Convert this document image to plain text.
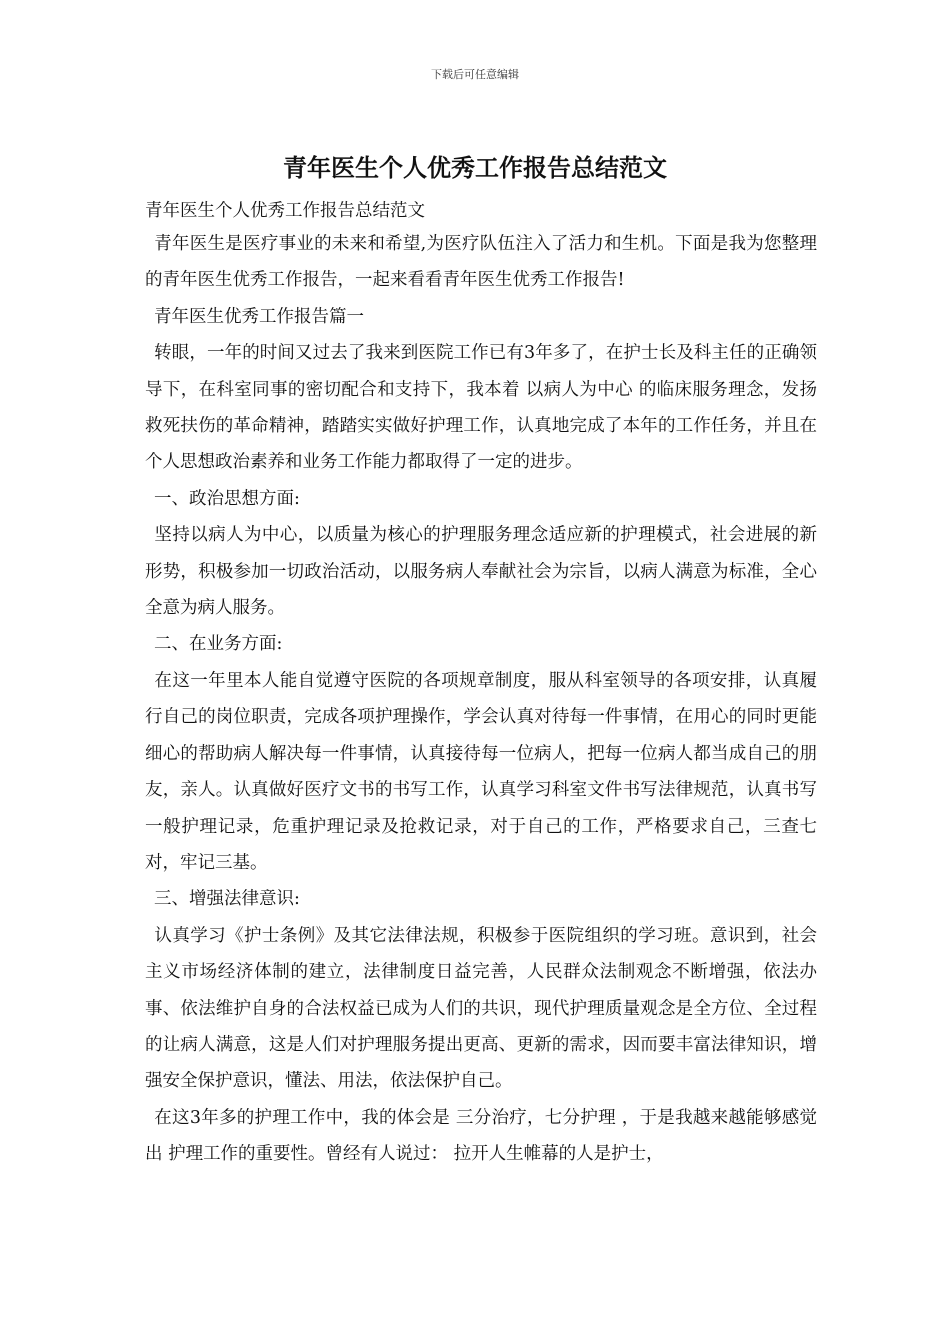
下载后可任意编辑
青年医生个人优秀工作报告总结范文

青年医生个人优秀工作报告总结范文

青年医生是医疗事业的未来和希望,为医疗队伍注入了活力和生机。下面是我为您整理的青年医生优秀工作报告，一起来看看青年医生优秀工作报告!

青年医生优秀工作报告篇一

转眼，一年的时间又过去了我来到医院工作已有3年多了，在护士长及科主任的正确领导下，在科室同事的密切配合和支持下，我本着 以病人为中心 的临床服务理念，发扬救死扶伤的革命精神，踏踏实实做好护理工作，认真地完成了本年的工作任务，并且在个人思想政治素养和业务工作能力都取得了一定的进步。

一、政治思想方面:

坚持以病人为中心，以质量为核心的护理服务理念适应新的护理模式，社会进展的新形势，积极参加一切政治活动，以服务病人奉献社会为宗旨，以病人满意为标准，全心全意为病人服务。

二、在业务方面:

在这一年里本人能自觉遵守医院的各项规章制度，服从科室领导的各项安排，认真履行自己的岗位职责，完成各项护理操作，学会认真对待每一件事情，在用心的同时更能细心的帮助病人解决每一件事情，认真接待每一位病人，把每一位病人都当成自己的朋友，亲人。认真做好医疗文书的书写工作，认真学习科室文件书写法律规范，认真书写一般护理记录，危重护理记录及抢救记录，对于自己的工作，严格要求自己，三查七对，牢记三基。

三、增强法律意识:

认真学习《护士条例》及其它法律法规，积极参于医院组织的学习班。意识到，社会主义市场经济体制的建立，法律制度日益完善，人民群众法制观念不断增强，依法办事、依法维护自身的合法权益已成为人们的共识，现代护理质量观念是全方位、全过程的让病人满意，这是人们对护理服务提出更高、更新的需求，因而要丰富法律知识，增强安全保护意识，懂法、用法，依法保护自己。

在这3年多的护理工作中，我的体会是 三分治疗，七分护理 ，于是我越来越能够感觉出 护理工作的重要性。曾经有人说过： 拉开人生帷幕的人是护士，
